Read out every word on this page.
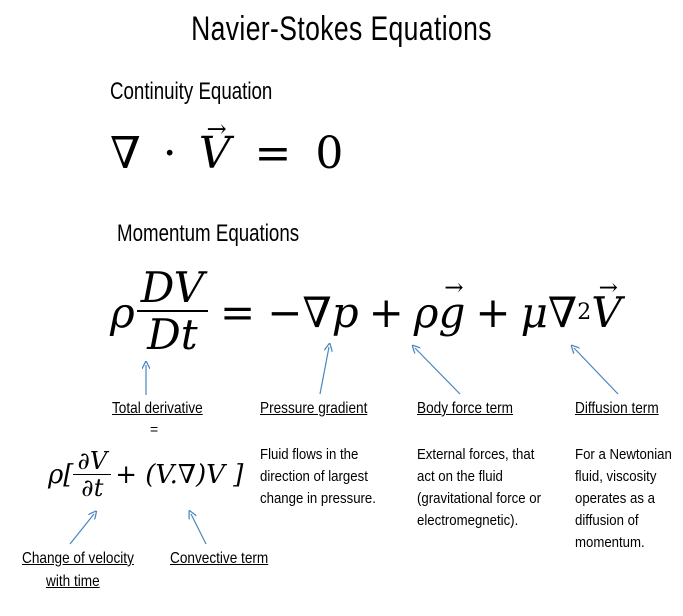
Navier-Stokes Equations
Continuity Equation
∇ · → V = 0
Momentum Equations
ρ $\frac{DV}{Dt} = -\nabla p + \rho$
→ g + μ∇ 2
→ V
Total derivative
=
Pressure gradient	Body force term	Diffusion term
$\rho[ \frac{\partial V}{\partial t} + (V.\nabla)V$ ]
Fluid flows in the direction of largest change in pressure.
External forces, that act on the fluid (gravitational force or electromegnetic).
For a Newtonian fluid, viscosity operates as a diffusion of momentum.
Change of velocity
with time
Convective term
